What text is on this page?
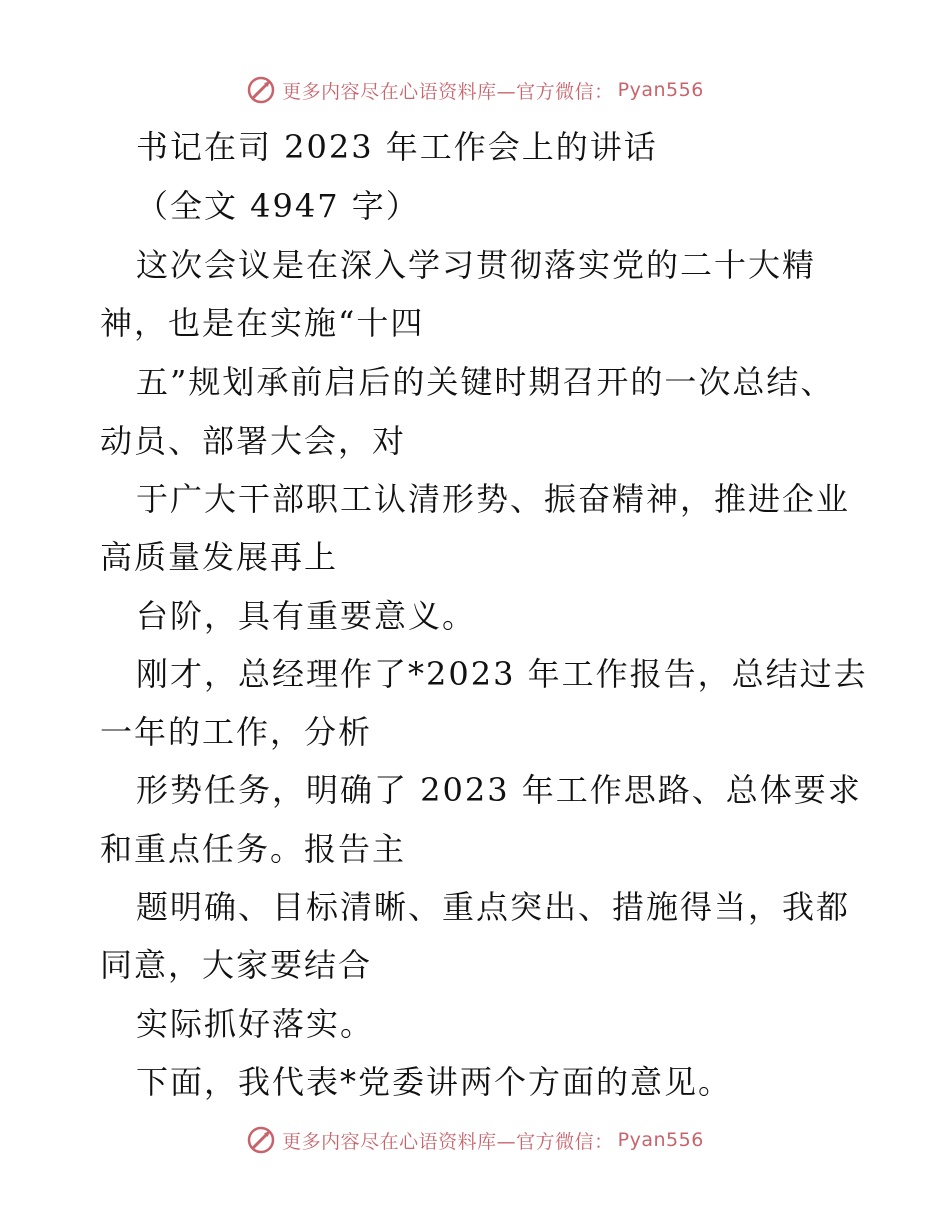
更多内容尽在心语资料库—官方微信： Pyan556
书记在司 2023 年工作会上的讲话
（全文 4947 字）
这次会议是在深入学习贯彻落实党的二十大精
神，也是在实施“十四
五”规划承前启后的关键时期召开的一次总结、
动员、部署大会，对
于广大干部职工认清形势、振奋精神，推进企业
高质量发展再上
台阶，具有重要意义。
刚才，总经理作了*2023 年工作报告，总结过去
一年的工作，分析
形势任务，明确了 2023 年工作思路、总体要求
和重点任务。报告主
题明确、目标清晰、重点突出、措施得当，我都
同意，大家要结合
实际抓好落实。
下面，我代表*党委讲两个方面的意见。
更多内容尽在心语资料库—官方微信： Pyan556
